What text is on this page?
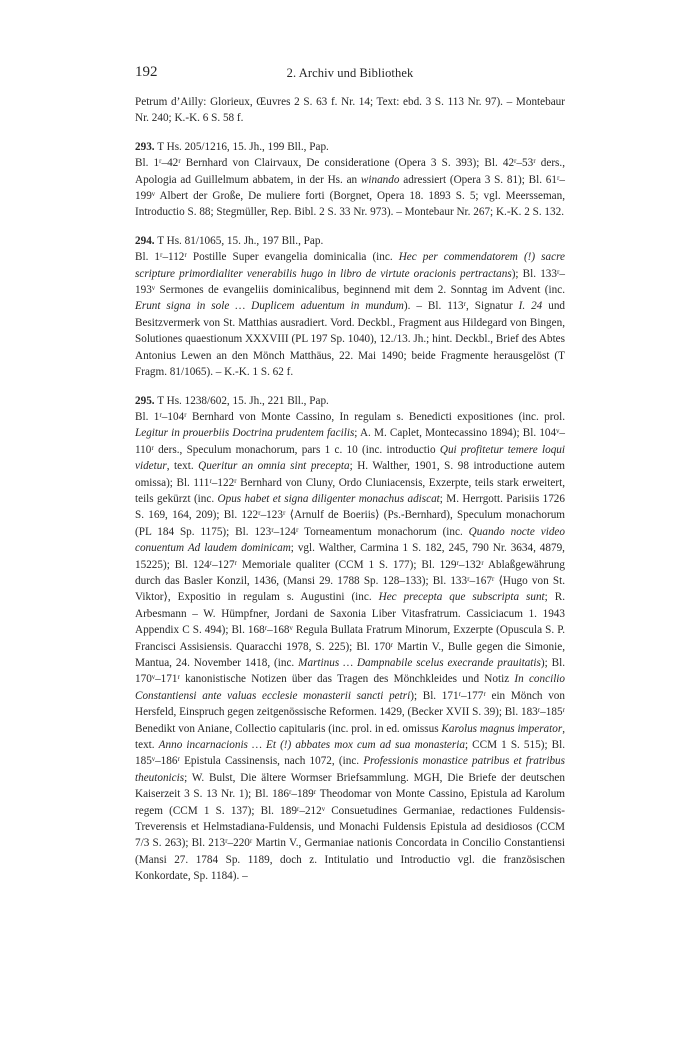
192	2. Archiv und Bibliothek

Petrum d’Ailly: Glorieux, Œuvres 2 S. 63 f. Nr. 14; Text: ebd. 3 S. 113 Nr. 97). – Montebaur Nr. 240; K.-K. 6 S. 58 f.

293. T Hs. 205/1216, 15. Jh., 199 Bll., Pap.

Bl. 1ʳ–42ʳ Bernhard von Clairvaux, De consideratione (Opera 3 S. 393); Bl. 42ʳ–53ʳ ders., Apologia ad Guillelmum abbatem, in der Hs. an winando adressiert (Opera 3 S. 81); Bl. 61ʳ–199ᵛ Albert der Große, De muliere forti (Borgnet, Opera 18. 1893 S. 5; vgl. Meersseman, Introductio S. 88; Stegmüller, Rep. Bibl. 2 S. 33 Nr. 973). – Montebaur Nr. 267; K.-K. 2 S. 132.

294. T Hs. 81/1065, 15. Jh., 197 Bll., Pap.

Bl. 1ʳ–112ʳ Postille Super evangelia dominicalia (inc. Hec per commendatorem (!) sacre scripture primordialiter venerabilis hugo in libro de virtute oracionis pertractans); Bl. 133ʳ–193ᵛ Sermones de evangeliis dominicalibus, beginnend mit dem 2. Sonntag im Advent (inc. Erunt signa in sole … Duplicem aduentum in mundum). – Bl. 113ʳ, Signatur I. 24 und Besitzvermerk von St. Matthias ausradiert. Vord. Deckbl., Fragment aus Hildegard von Bingen, Solutiones quaestionum XXXVIII (PL 197 Sp. 1040), 12./13. Jh.; hint. Deckbl., Brief des Abtes Antonius Lewen an den Mönch Matthäus, 22. Mai 1490; beide Fragmente herausgelöst (T Fragm. 81/1065). – K.-K. 1 S. 62 f.

295. T Hs. 1238/602, 15. Jh., 221 Bll., Pap.

Bl. 1ʳ–104ʳ Bernhard von Monte Cassino, In regulam s. Benedicti expositiones (inc. prol. Legitur in prouerbiis Doctrina prudentem facilis; A. M. Caplet, Montecassino 1894); Bl. 104ᵛ–110ʳ ders., Speculum monachorum, pars 1 c. 10 (inc. introductio Qui profitetur temere loqui videtur, text. Queritur an omnia sint precepta; H. Walther, 1901, S. 98 introductione autem omissa); Bl. 111ʳ–122ʳ Bernhard von Cluny, Ordo Cluniacensis, Exzerpte, teils stark erweitert, teils gekürzt (inc. Opus habet et signa diligenter monachus adiscat; M. Herrgott. Parisiis 1726 S. 169, 164, 209); Bl. 122ʳ–123ʳ ⟨Arnulf de Boeriis⟩ (Ps.-Bernhard), Speculum monachorum (PL 184 Sp. 1175); Bl. 123ʳ–124ʳ Torneamentum monachorum (inc. Quando nocte video conuentum Ad laudem dominicam; vgl. Walther, Carmina 1 S. 182, 245, 790 Nr. 3634, 4879, 15225); Bl. 124ʳ–127ʳ Memoriale qualiter (CCM 1 S. 177); Bl. 129ʳ–132ʳ Ablaßgewährung durch das Basler Konzil, 1436, (Mansi 29. 1788 Sp. 128–133); Bl. 133ʳ–167ʳ ⟨Hugo von St. Viktor⟩, Expositio in regulam s. Augustini (inc. Hec precepta que subscripta sunt; R. Arbesmann – W. Hümpfner, Jordani de Saxonia Liber Vitasfratrum. Cassiciacum 1. 1943 Appendix C S. 494); Bl. 168ʳ–168ᵛ Regula Bullata Fratrum Minorum, Exzerpte (Opuscula S. P. Francisci Assisiensis. Quaracchi 1978, S. 225); Bl. 170ʳ Martin V., Bulle gegen die Simonie, Mantua, 24. November 1418, (inc. Martinus … Dampnabile scelus execrande prauitatis); Bl. 170ᵛ–171ʳ kanonistische Notizen über das Tragen des Mönchkleides und Notiz In concilio Constantiensi ante valuas ecclesie monasterii sancti petri); Bl. 171ʳ–177ʳ ein Mönch von Hersfeld, Einspruch gegen zeitgenössische Reformen. 1429, (Becker XVII S. 39); Bl. 183ʳ–185ʳ Benedikt von Aniane, Collectio capitularis (inc. prol. in ed. omissus Karolus magnus imperator, text. Anno incarnacionis … Et (!) abbates mox cum ad sua monasteria; CCM 1 S. 515); Bl. 185ᵛ–186ʳ Epistula Cassinensis, nach 1072, (inc. Professionis monastice patribus et fratribus theutonicis; W. Bulst, Die ältere Wormser Briefsammlung. MGH, Die Briefe der deutschen Kaiserzeit 3 S. 13 Nr. 1); Bl. 186ʳ–189ʳ Theodomar von Monte Cassino, Epistula ad Karolum regem (CCM 1 S. 137); Bl. 189ʳ–212ᵛ Consuetudines Germaniae, redactiones Fuldensis-Treverensis et Helmstadiana-Fuldensis, und Monachi Fuldensis Epistula ad desidiosos (CCM 7/3 S. 263); Bl. 213ʳ–220ʳ Martin V., Germaniae nationis Concordata in Concilio Constantiensi (Mansi 27. 1784 Sp. 1189, doch z. Intitulatio und Introductio vgl. die französischen Konkordate, Sp. 1184). –
